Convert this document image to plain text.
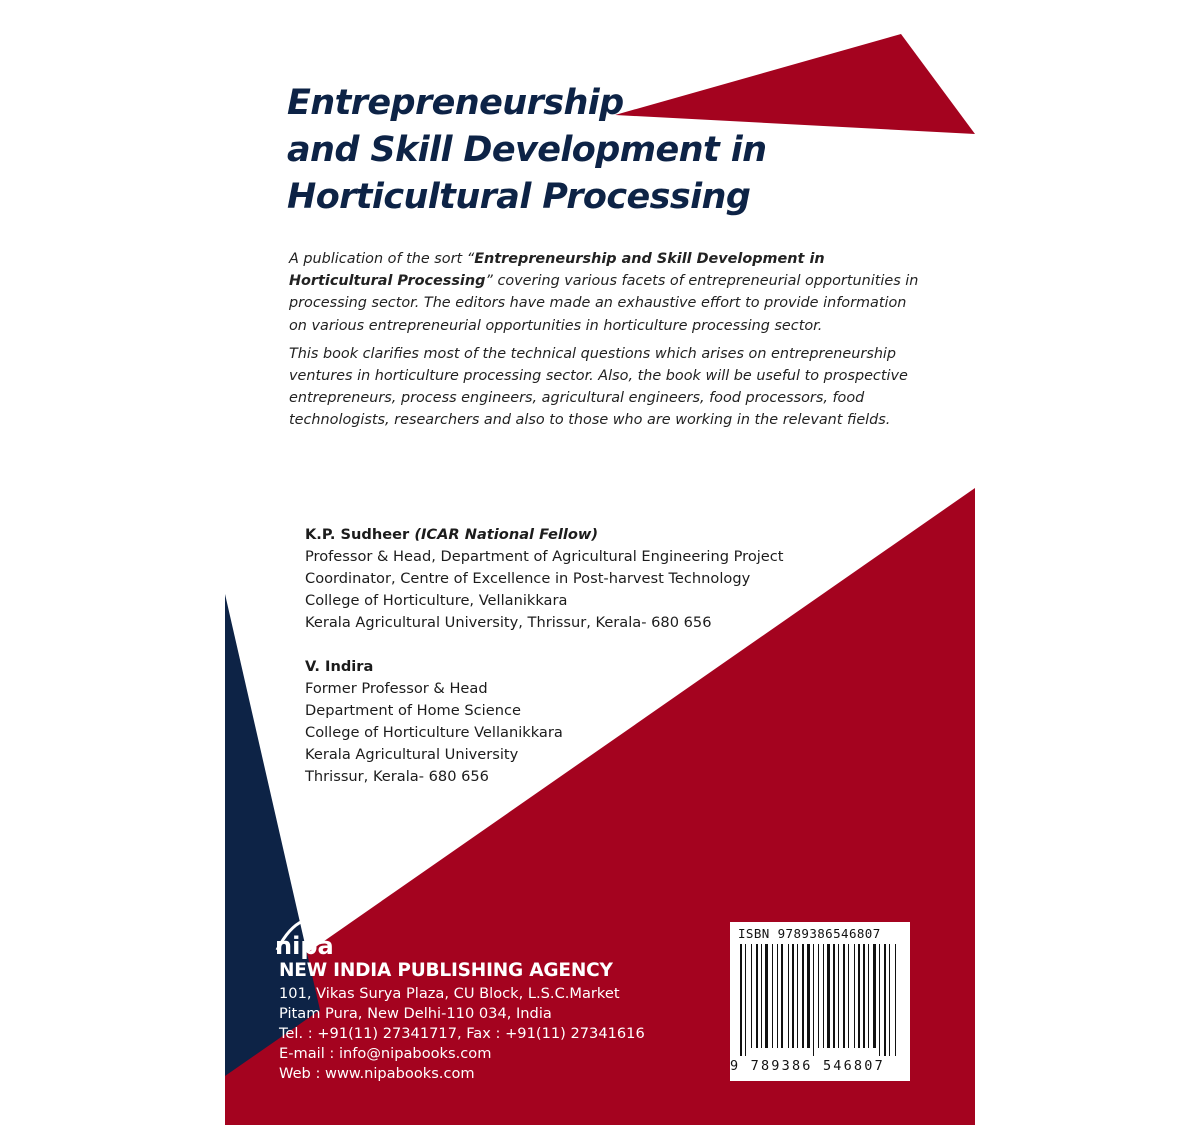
Entrepreneurship
and Skill Development in
Horticultural Processing

A publication of the sort “Entrepreneurship and Skill Development in Horticultural Processing” covering various facets of entrepreneurial opportunities in processing sector. The editors have made an exhaustive effort to provide information on various entrepreneurial opportunities in horticulture processing sector.

This book clarifies most of the technical questions which arises on entrepreneurship ventures in horticulture processing sector. Also, the book will be useful to prospective entrepreneurs, process engineers, agricultural engineers, food processors, food technologists, researchers and also to those who are working in the relevant fields.

K.P. Sudheer (ICAR National Fellow)
Professor & Head, Department of Agricultural Engineering Project
Coordinator, Centre of Excellence in Post-harvest Technology
College of Horticulture, Vellanikkara
Kerala Agricultural University, Thrissur, Kerala- 680 656
V. Indira
Former Professor & Head
Department of Home Science
College of Horticulture Vellanikkara
Kerala Agricultural University
Thrissur, Kerala- 680 656
nipa
NEW INDIA PUBLISHING AGENCY
101, Vikas Surya Plaza, CU Block, L.S.C.Market
Pitam Pura, New Delhi-110 034, India
Tel. : +91(11) 27341717, Fax : +91(11) 27341616
E-mail : info@nipabooks.com
Web : www.nipabooks.com
ISBN 9789386546807
9 789386 546807
